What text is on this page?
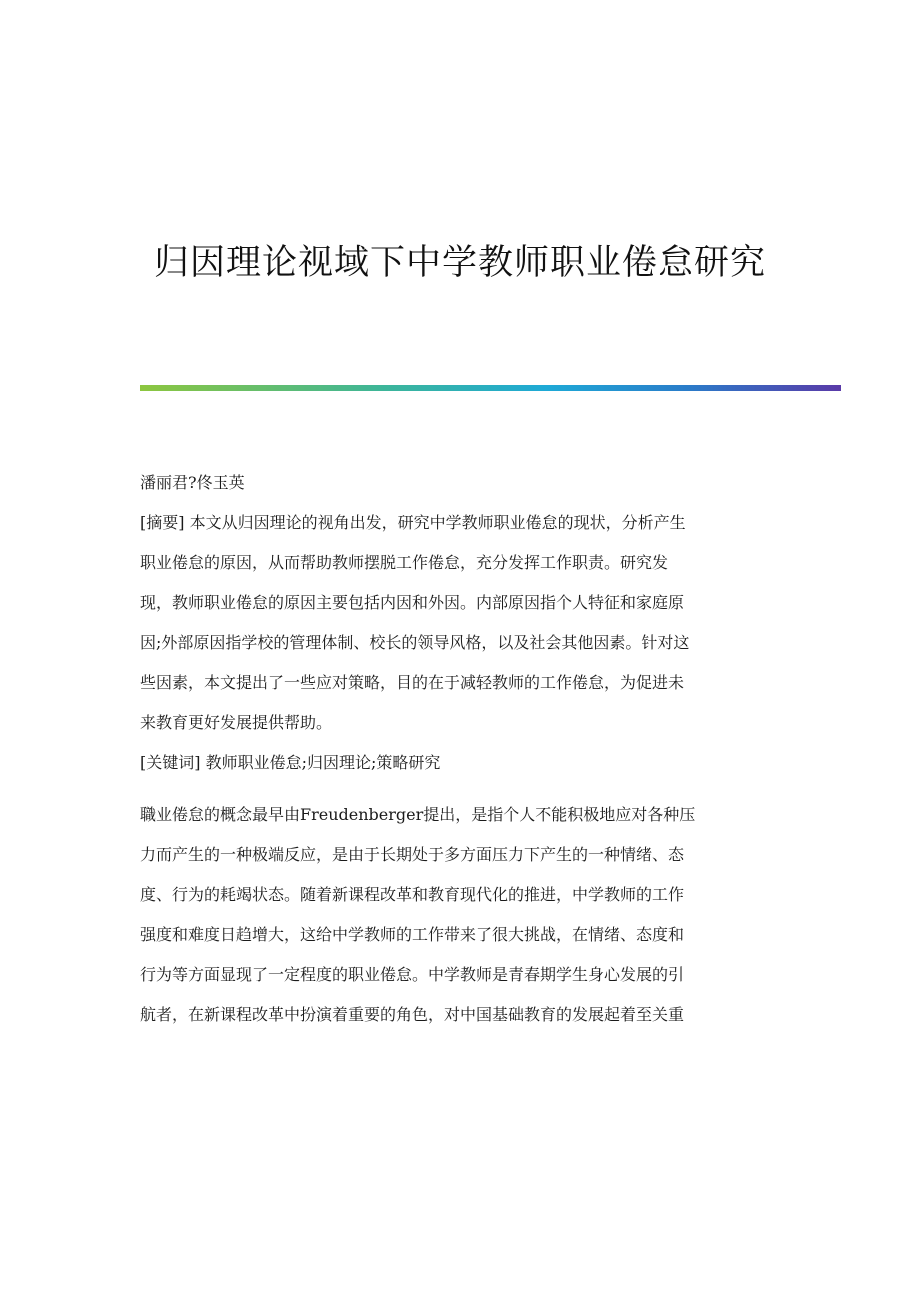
归因理论视域下中学教师职业倦怠研究

潘丽君?佟玉英

[摘要] 本文从归因理论的视角出发，研究中学教师职业倦怠的现状，分析产生

职业倦怠的原因，从而帮助教师摆脱工作倦怠，充分发挥工作职责。研究发

现，教师职业倦怠的原因主要包括内因和外因。内部原因指个人特征和家庭原

因;外部原因指学校的管理体制、校长的领导风格，以及社会其他因素。针对这

些因素，本文提出了一些应对策略，目的在于减轻教师的工作倦怠，为促进未

来教育更好发展提供帮助。

[关键词] 教师职业倦怠;归因理论;策略研究

職业倦怠的概念最早由Freudenberger提出，是指个人不能积极地应对各种压

力而产生的一种极端反应，是由于长期处于多方面压力下产生的一种情绪、态

度、行为的耗竭状态。随着新课程改革和教育现代化的推进，中学教师的工作

强度和难度日趋增大，这给中学教师的工作带来了很大挑战，在情绪、态度和

行为等方面显现了一定程度的职业倦怠。中学教师是青春期学生身心发展的引

航者，在新课程改革中扮演着重要的角色，对中国基础教育的发展起着至关重
